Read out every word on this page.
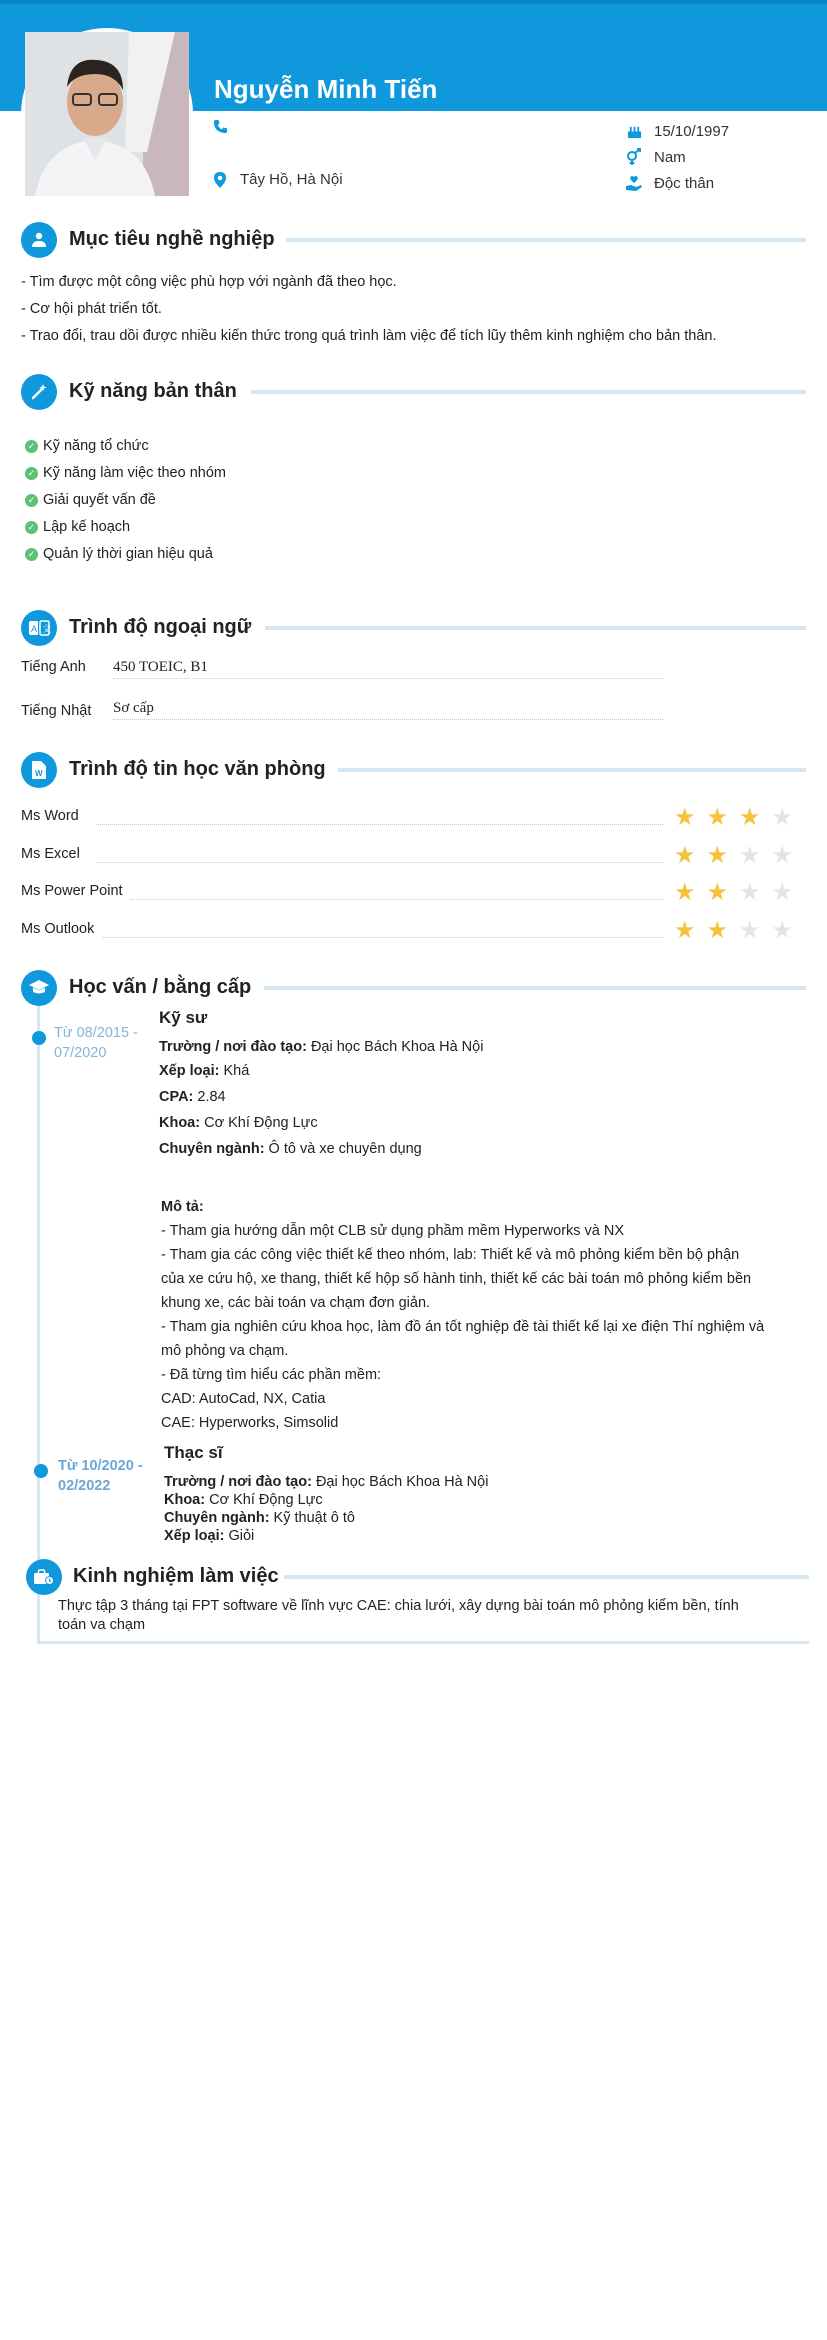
Nguyễn Minh Tiến
Tây Hồ, Hà Nội
15/10/1997
Nam
Độc thân
Mục tiêu nghề nghiệp
- Tìm được một công việc phù hợp với ngành đã theo học.
- Cơ hội phát triển tốt.
- Trao đổi, trau dồi được nhiều kiến thức trong quá trình làm việc để tích lũy thêm kinh nghiệm cho bản thân.
Kỹ năng bản thân
✓ Kỹ năng tổ chức
✓ Kỹ năng làm việc theo nhóm
✓ Giải quyết vấn đề
✓ Lập kế hoạch
✓ Quản lý thời gian hiệu quả
A 文 Trình độ ngoại ngữ
Tiếng Anh 450 TOEIC, B1
Tiếng Nhật Sơ cấp
W Trình độ tin học văn phòng
Ms Word	★ ★ ★ ★
Ms Excel	★ ★ ★ ★
Ms Power Point	★ ★ ★ ★
Ms Outlook	★ ★ ★ ★
Học vấn / bằng cấp
Từ 08/2015 -
07/2020
Kỹ sư
Trường / nơi đào tạo: Đại học Bách Khoa Hà Nội
Xếp loại: Khá
CPA: 2.84
Khoa: Cơ Khí Động Lực
Chuyên ngành: Ô tô và xe chuyên dụng
Mô tả:
- Tham gia hướng dẫn một CLB sử dụng phầm mềm Hyperworks và NX
- Tham gia các công việc thiết kế theo nhóm, lab: Thiết kế và mô phỏng kiểm bền bộ phận
của xe cứu hộ, xe thang, thiết kế hộp số hành tinh, thiết kế các bài toán mô phỏng kiểm bền
khung xe, các bài toán va chạm đơn giản.
- Tham gia nghiên cứu khoa học, làm đồ án tốt nghiệp đề tài thiết kế lại xe điện Thí nghiệm và
mô phỏng va chạm.
- Đã từng tìm hiểu các phần mềm:
CAD: AutoCad, NX, Catia
CAE: Hyperworks, Simsolid
Từ 10/2020 -
02/2022
Thạc sĩ
Trường / nơi đào tạo: Đại học Bách Khoa Hà Nội
Khoa: Cơ Khí Động Lực
Chuyên ngành: Kỹ thuật ô tô
Xếp loại: Giỏi
Kinh nghiệm làm việc
Thực tập 3 tháng tại FPT software về lĩnh vực CAE: chia lưới, xây dựng bài toán mô phỏng kiểm bền, tính
toán va chạm
